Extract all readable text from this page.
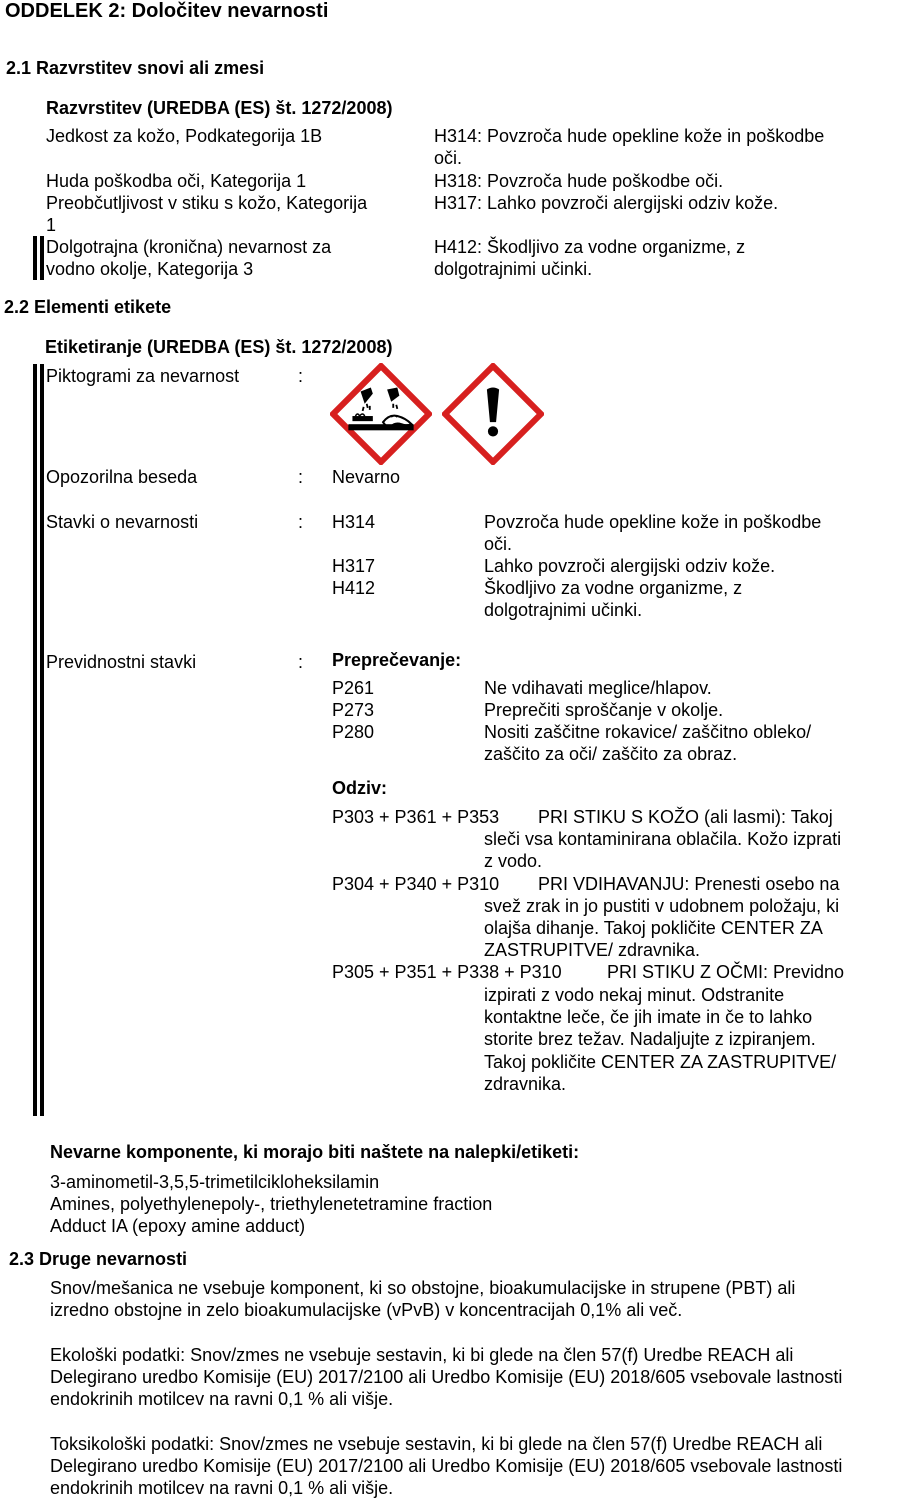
ODDELEK 2: Določitev nevarnosti
2.1 Razvrstitev snovi ali zmesi
Razvrstitev (UREDBA (ES) št. 1272/2008)
Jedkost za kožo, Podkategorija 1B	H314: Povzroča hude opekline kože in poškodbe
oči.
Huda poškodba oči, Kategorija 1	H318: Povzroča hude poškodbe oči.
Preobčutljivost v stiku s kožo, Kategorija
1
H317: Lahko povzroči alergijski odziv kože.
Dolgotrajna (kronična) nevarnost za
vodno okolje, Kategorija 3
H412: Škodljivo za vodne organizme, z
dolgotrajnimi učinki.
2.2 Elementi etikete
Etiketiranje (UREDBA (ES) št. 1272/2008)
Piktogrami za nevarnost	:
Opozorilna beseda	: Nevarno
Stavki o nevarnosti	: H314	Povzroča hude opekline kože in poškodbe
oči.
H317	Lahko povzroči alergijski odziv kože.
H412	Škodljivo za vodne organizme, z
dolgotrajnimi učinki.
Previdnostni stavki	: Preprečevanje:
P261	Ne vdihavati meglice/hlapov.
P273	Preprečiti sproščanje v okolje.
P280	Nositi zaščitne rokavice/ zaščitno obleko/
zaščito za oči/ zaščito za obraz.
Odziv:
P303 + P361 + P353 PRI STIKU S KOŽO (ali lasmi): Takoj
sleči vsa kontaminirana oblačila. Kožo izprati
z vodo.
P304 + P340 + P310 PRI VDIHAVANJU: Prenesti osebo na
svež zrak in jo pustiti v udobnem položaju, ki
olajša dihanje. Takoj pokličite CENTER ZA
ZASTRUPITVE/ zdravnika.
P305 + P351 + P338 + P310	PRI STIKU Z OČMI: Previdno
izpirati z vodo nekaj minut. Odstranite
kontaktne leče, če jih imate in če to lahko
storite brez težav. Nadaljujte z izpiranjem.
Takoj pokličite CENTER ZA ZASTRUPITVE/
zdravnika.
Nevarne komponente, ki morajo biti naštete na nalepki/etiketi:
3-aminometil-3,5,5-trimetilcikloheksilamin
Amines, polyethylenepoly-, triethylenetetramine fraction
Adduct IA (epoxy amine adduct)
2.3 Druge nevarnosti
Snov/mešanica ne vsebuje komponent, ki so obstojne, bioakumulacijske in strupene (PBT) ali
izredno obstojne in zelo bioakumulacijske (vPvB) v koncentracijah 0,1% ali več.
Ekološki podatki: Snov/zmes ne vsebuje sestavin, ki bi glede na člen 57(f) Uredbe REACH ali
Delegirano uredbo Komisije (EU) 2017/2100 ali Uredbo Komisije (EU) 2018/605 vsebovale lastnosti
endokrinih motilcev na ravni 0,1 % ali višje.
Toksikološki podatki: Snov/zmes ne vsebuje sestavin, ki bi glede na člen 57(f) Uredbe REACH ali
Delegirano uredbo Komisije (EU) 2017/2100 ali Uredbo Komisije (EU) 2018/605 vsebovale lastnosti
endokrinih motilcev na ravni 0,1 % ali višje.
